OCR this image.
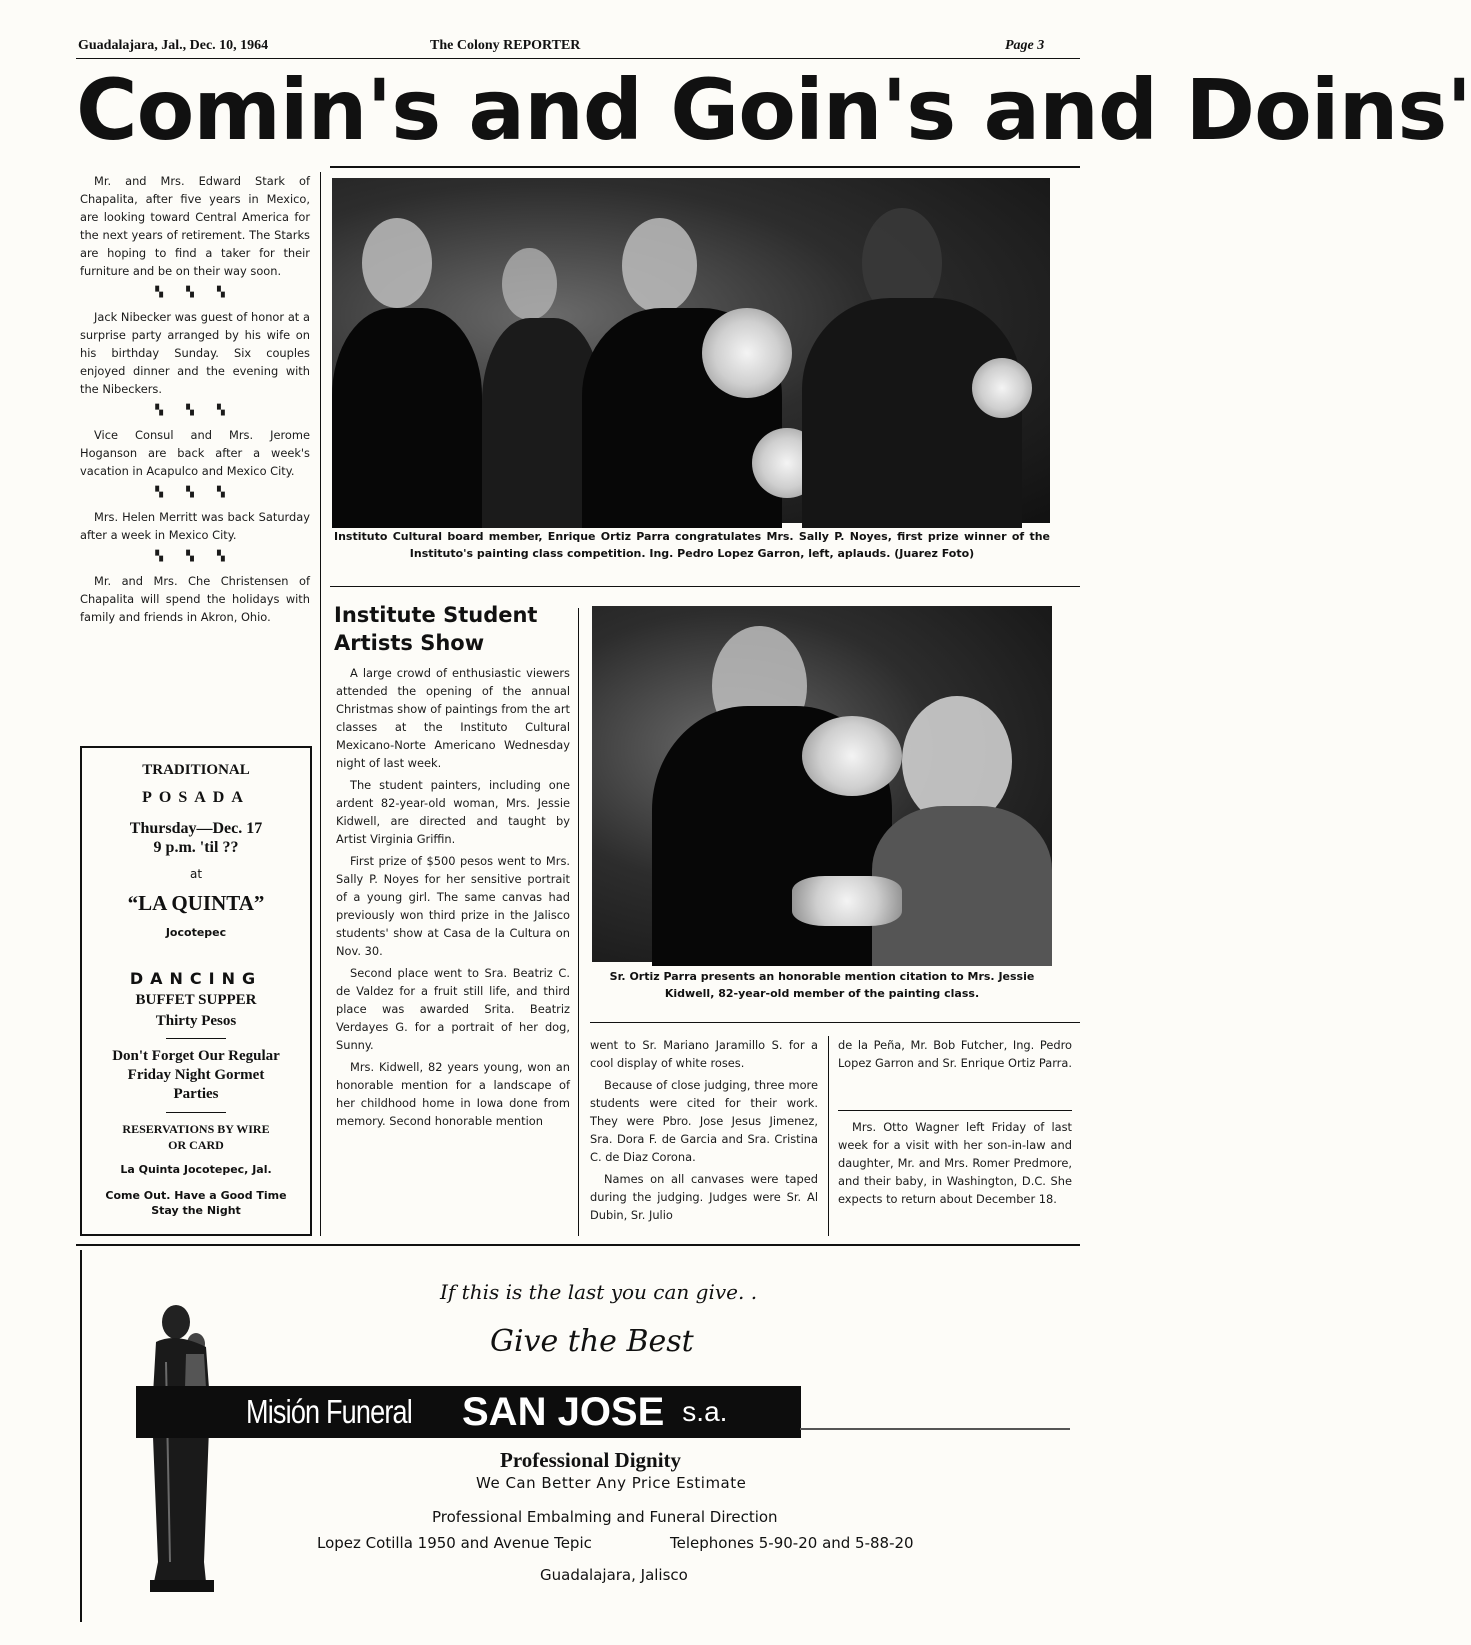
Guadalajara, Jal., Dec. 10, 1964	The Colony REPORTER	Page 3
Comin's and Goin's and Doins'

Mr. and Mrs. Edward Stark of Chapalita, after five years in Mexico, are looking toward Central America for the next years of retirement. The Starks are hoping to find a taker for their furniture and be on their way soon.

▚ ▚ ▚

Jack Nibecker was guest of honor at a surprise party arranged by his wife on his birthday Sunday. Six couples enjoyed dinner and the evening with the Nibeckers.

▚ ▚ ▚

Vice Consul and Mrs. Jerome Hoganson are back after a week's vacation in Acapulco and Mexico City.

▚ ▚ ▚

Mrs. Helen Merritt was back Saturday after a week in Mexico City.

▚ ▚ ▚

Mr. and Mrs. Che Christensen of Chapalita will spend the holidays with family and friends in Akron, Ohio.

TRADITIONAL
POSADA
Thursday—Dec. 17
9 p.m. 'til ??
at
“LA QUINTA”
Jocotepec
DANCING
BUFFET SUPPER
Thirty Pesos
Don't Forget Our Regular
Friday Night Gormet
Parties
RESERVATIONS BY WIRE
OR CARD
La Quinta Jocotepec, Jal.
Come Out. Have a Good Time
Stay the Night
Instituto Cultural board member, Enrique Ortiz Parra congratulates Mrs. Sally P. Noyes, first prize winner of the Instituto's painting class competition. Ing. Pedro Lopez Garron, left, aplauds. (Juarez Foto)
Institute Student
Artists Show

A large crowd of enthusiastic viewers attended the opening of the annual Christmas show of paintings from the art classes at the Instituto Cultural Mexicano-Norte Americano Wednesday night of last week.

The student painters, including one ardent 82-year-old woman, Mrs. Jessie Kidwell, are directed and taught by Artist Virginia Griffin.

First prize of $500 pesos went to Mrs. Sally P. Noyes for her sensitive portrait of a young girl. The same canvas had previously won third prize in the Jalisco students' show at Casa de la Cultura on Nov. 30.

Second place went to Sra. Beatriz C. de Valdez for a fruit still life, and third place was awarded Srita. Beatriz Verdayes G. for a portrait of her dog, Sunny.

Mrs. Kidwell, 82 years young, won an honorable mention for a landscape of her childhood home in Iowa done from memory. Second honorable mention

Sr. Ortiz Parra presents an honorable mention citation to Mrs. Jessie Kidwell, 82-year-old member of the painting class.

went to Sr. Mariano Jaramillo S. for a cool display of white roses.

Because of close judging, three more students were cited for their work. They were Pbro. Jose Jesus Jimenez, Sra. Dora F. de Garcia and Sra. Cristina C. de Diaz Corona.

Names on all canvases were taped during the judging. Judges were Sr. Al Dubin, Sr. Julio

de la Peña, Mr. Bob Futcher, Ing. Pedro Lopez Garron and Sr. Enrique Ortiz Parra.

Mrs. Otto Wagner left Friday of last week for a visit with her son-in-law and daughter, Mr. and Mrs. Romer Predmore, and their baby, in Washington, D.C. She expects to return about December 18.

If this is the last you can give. .
Give the Best
Misión Funeral SAN JOSE s.a.
Professional Dignity
We Can Better Any Price Estimate
Professional Embalming and Funeral Direction
Lopez Cotilla 1950 and Avenue Tepic	Telephones 5-90-20 and 5-88-20
Guadalajara, Jalisco
